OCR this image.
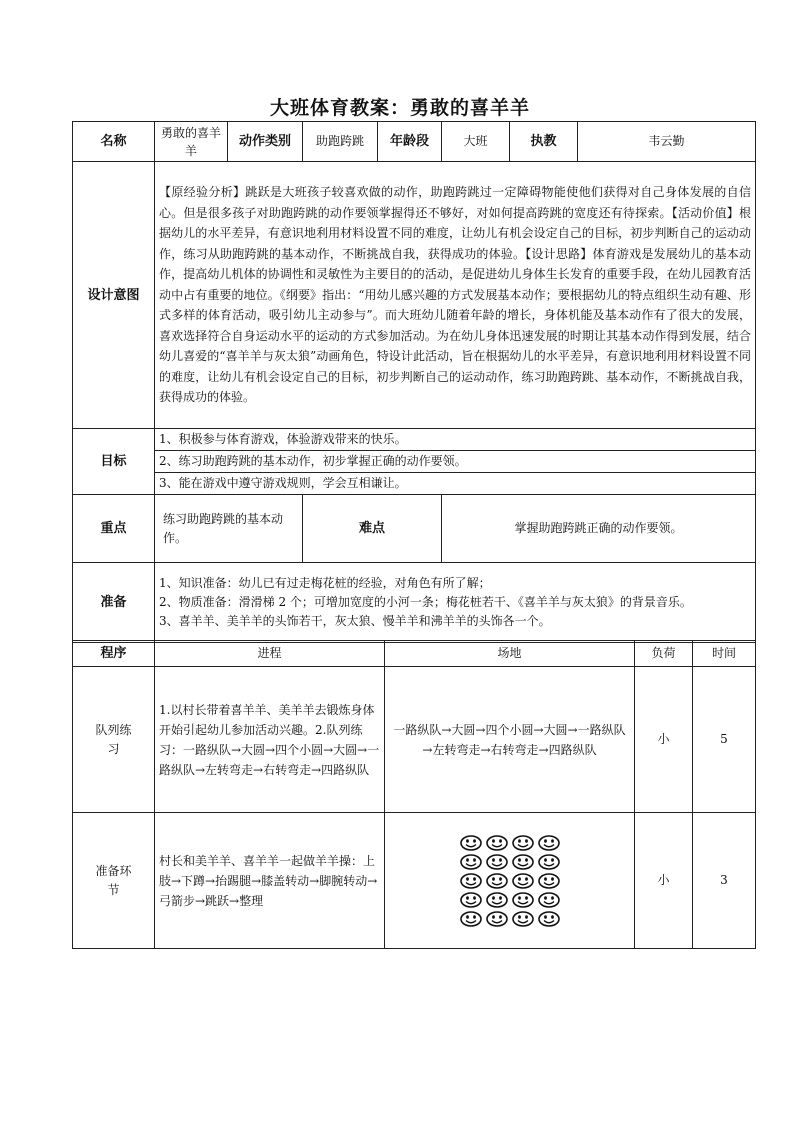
大班体育教案：勇敢的喜羊羊
名称	勇敢的喜羊羊	动作类别	助跑跨跳	年龄段	大班	执教	韦云勤
设计意图	【原经验分析】跳跃是大班孩子较喜欢做的动作，助跑跨跳过一定障碍物能使他们获得对自己身体发展的自信心。但是很多孩子对助跑跨跳的动作要领掌握得还不够好，对如何提高跨跳的宽度还有待探索。【活动价值】根据幼儿的水平差异，有意识地利用材料设置不同的难度，让幼儿有机会设定自己的目标，初步判断自己的运动动作，练习从助跑跨跳的基本动作，不断挑战自我，获得成功的体验。【设计思路】体育游戏是发展幼儿的基本动作，提高幼儿机体的协调性和灵敏性为主要目的的活动，是促进幼儿身体生长发育的重要手段，在幼儿园教育活动中占有重要的地位。《纲要》指出：“用幼儿感兴趣的方式发展基本动作；要根据幼儿的特点组织生动有趣、形式多样的体育活动，吸引幼儿主动参与”。而大班幼儿随着年龄的增长，身体机能及基本动作有了很大的发展，喜欢选择符合自身运动水平的运动的方式参加活动。为在幼儿身体迅速发展的时期让其基本动作得到发展，结合幼儿喜爱的“喜羊羊与灰太狼”动画角色，特设计此活动，旨在根据幼儿的水平差异，有意识地利用材料设置不同的难度，让幼儿有机会设定自己的目标，初步判断自己的运动动作，练习助跑跨跳、基本动作，不断挑战自我，获得成功的体验。						
目标	1、积极参与体育游戏，体验游戏带来的快乐。						
	2、练习助跑跨跳的基本动作，初步掌握正确的动作要领。						
	3、能在游戏中遵守游戏规则，学会互相谦让。						
重点	练习助跑跨跳的基本动作。		难点		掌握助跑跨跳正确的动作要领。		
准备	1、知识准备：幼儿已有过走梅花桩的经验，对角色有所了解；
2、物质准备：滑滑梯 2 个；可增加宽度的小河一条；梅花桩若干、《喜羊羊与灰太狼》的背景音乐。
3、喜羊羊、美羊羊的头饰若干，灰太狼、慢羊羊和沸羊羊的头饰各一个。						
程序	进程	场地	负荷	时间
队列练习	1.以村长带着喜羊羊、美羊羊去锻炼身体开始引起幼儿参加活动兴趣。2.队列练习：一路纵队→大圆→四个小圆→大圆→一路纵队→左转弯走→右转弯走→四路纵队	一路纵队→大圆→四个小圆→大圆→一路纵队→左转弯走→右转弯走→四路纵队	小	5
准备环节	村长和美羊羊、喜羊羊一起做羊羊操：上肢→下蹲→抬踢腿→膝盖转动→脚腕转动→弓箭步→跳跃→整理		小	3
